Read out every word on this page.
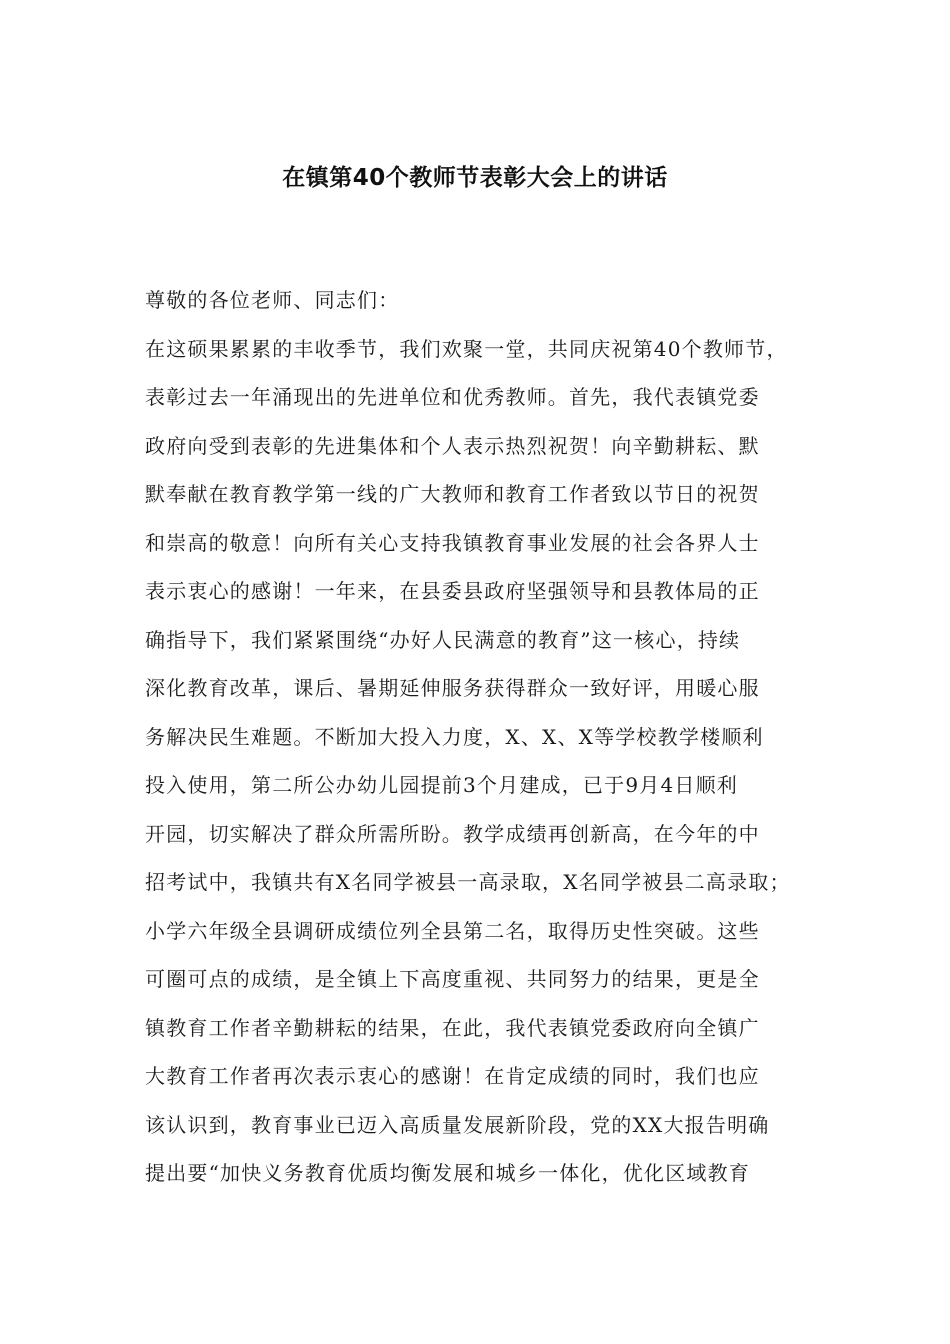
在镇第40个教师节表彰大会上的讲话
尊敬的各位老师、同志们：
在这硕果累累的丰收季节，我们欢聚一堂，共同庆祝第40个教师节，
表彰过去一年涌现出的先进单位和优秀教师。首先，我代表镇党委
政府向受到表彰的先进集体和个人表示热烈祝贺！向辛勤耕耘、默
默奉献在教育教学第一线的广大教师和教育工作者致以节日的祝贺
和崇高的敬意！向所有关心支持我镇教育事业发展的社会各界人士
表示衷心的感谢！一年来，在县委县政府坚强领导和县教体局的正
确指导下，我们紧紧围绕“办好人民满意的教育”这一核心，持续
深化教育改革，课后、暑期延伸服务获得群众一致好评，用暖心服
务解决民生难题。不断加大投入力度，X、X、X等学校教学楼顺利
投入使用，第二所公办幼儿园提前3个月建成，已于9月4日顺利
开园，切实解决了群众所需所盼。教学成绩再创新高，在今年的中
招考试中，我镇共有X名同学被县一高录取，X名同学被县二高录取；
小学六年级全县调研成绩位列全县第二名，取得历史性突破。这些
可圈可点的成绩，是全镇上下高度重视、共同努力的结果，更是全
镇教育工作者辛勤耕耘的结果，在此，我代表镇党委政府向全镇广
大教育工作者再次表示衷心的感谢！在肯定成绩的同时，我们也应
该认识到，教育事业已迈入高质量发展新阶段，党的XX大报告明确
提出要“加快义务教育优质均衡发展和城乡一体化，优化区域教育
